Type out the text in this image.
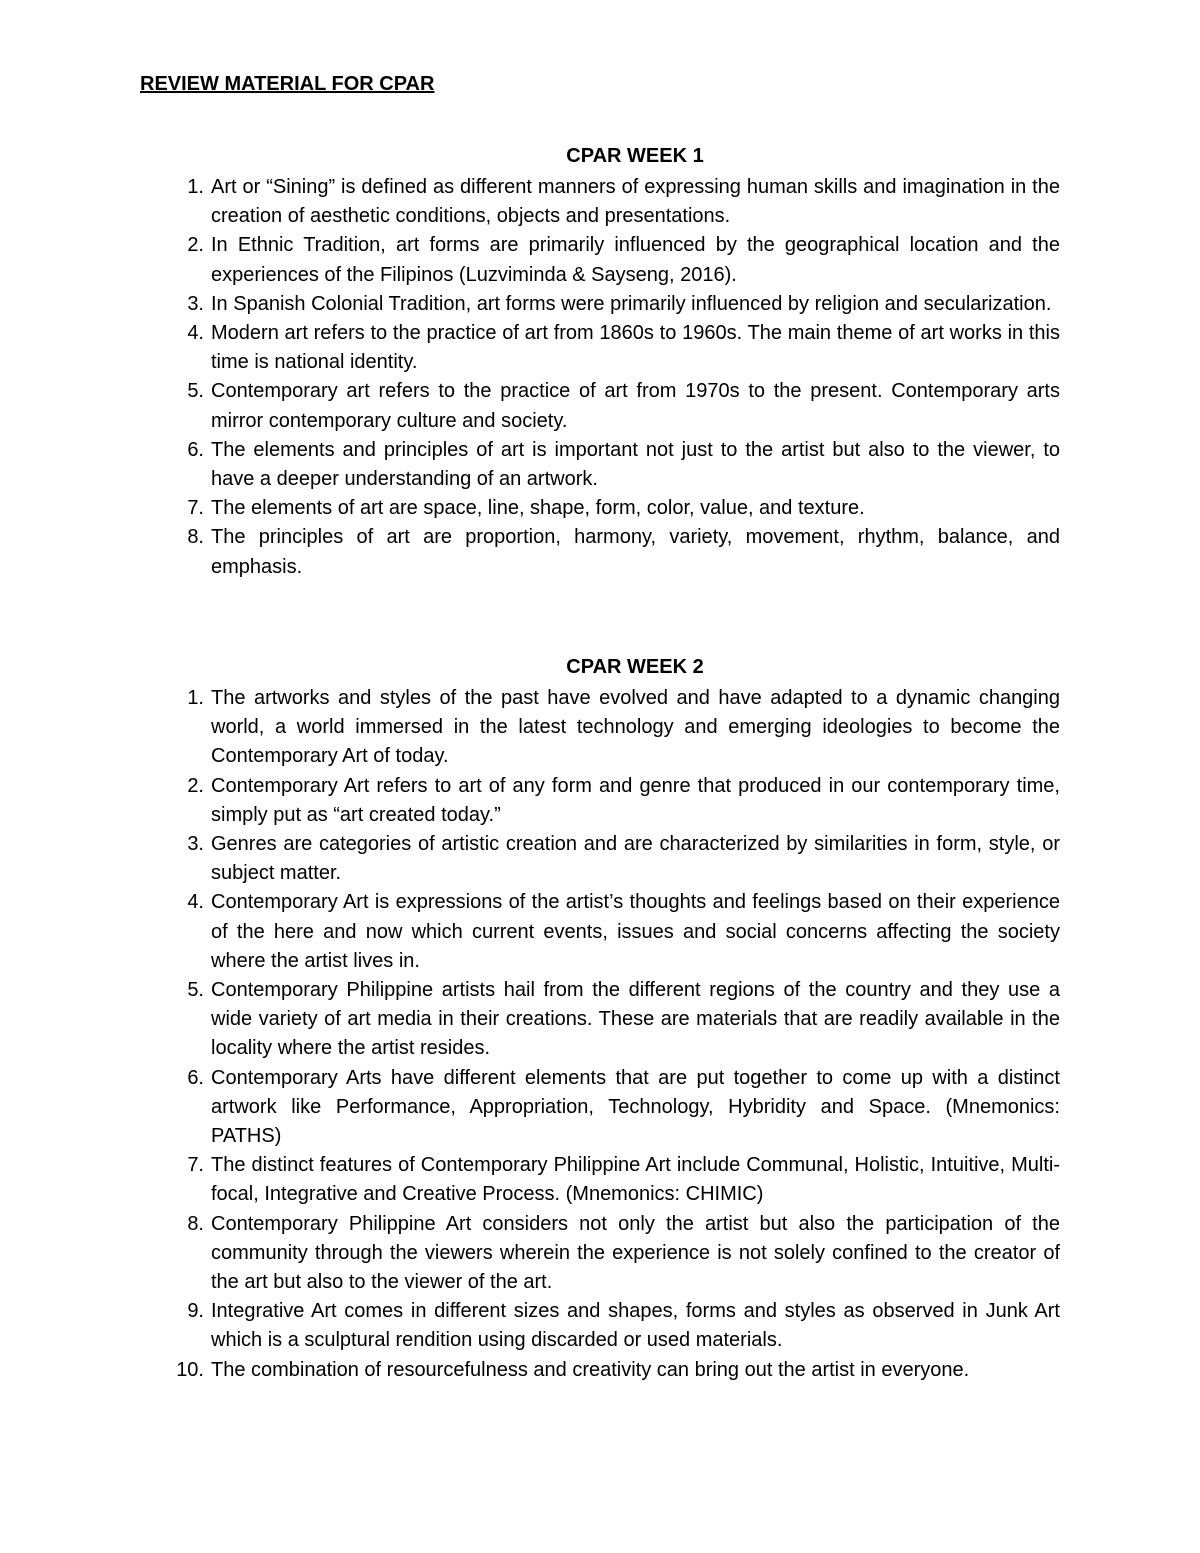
REVIEW MATERIAL FOR CPAR
CPAR WEEK 1
1. Art or “Sining” is defined as different manners of expressing human skills and imagination in the creation of aesthetic conditions, objects and presentations.
2. In Ethnic Tradition, art forms are primarily influenced by the geographical location and the experiences of the Filipinos (Luzviminda & Sayseng, 2016).
3. In Spanish Colonial Tradition, art forms were primarily influenced by religion and secularization.
4. Modern art refers to the practice of art from 1860s to 1960s. The main theme of art works in this time is national identity.
5. Contemporary art refers to the practice of art from 1970s to the present. Contemporary arts mirror contemporary culture and society.
6. The elements and principles of art is important not just to the artist but also to the viewer, to have a deeper understanding of an artwork.
7. The elements of art are space, line, shape, form, color, value, and texture.
8. The principles of art are proportion, harmony, variety, movement, rhythm, balance, and emphasis.
CPAR WEEK 2
1. The artworks and styles of the past have evolved and have adapted to a dynamic changing world, a world immersed in the latest technology and emerging ideologies to become the Contemporary Art of today.
2. Contemporary Art refers to art of any form and genre that produced in our contemporary time, simply put as “art created today.”
3. Genres are categories of artistic creation and are characterized by similarities in form, style, or subject matter.
4. Contemporary Art is expressions of the artist’s thoughts and feelings based on their experience of the here and now which current events, issues and social concerns affecting the society where the artist lives in.
5. Contemporary Philippine artists hail from the different regions of the country and they use a wide variety of art media in their creations. These are materials that are readily available in the locality where the artist resides.
6. Contemporary Arts have different elements that are put together to come up with a distinct artwork like Performance, Appropriation, Technology, Hybridity and Space. (Mnemonics: PATHS)
7. The distinct features of Contemporary Philippine Art include Communal, Holistic, Intuitive, Multi-focal, Integrative and Creative Process. (Mnemonics: CHIMIC)
8. Contemporary Philippine Art considers not only the artist but also the participation of the community through the viewers wherein the experience is not solely confined to the creator of the art but also to the viewer of the art.
9. Integrative Art comes in different sizes and shapes, forms and styles as observed in Junk Art which is a sculptural rendition using discarded or used materials.
10. The combination of resourcefulness and creativity can bring out the artist in everyone.
